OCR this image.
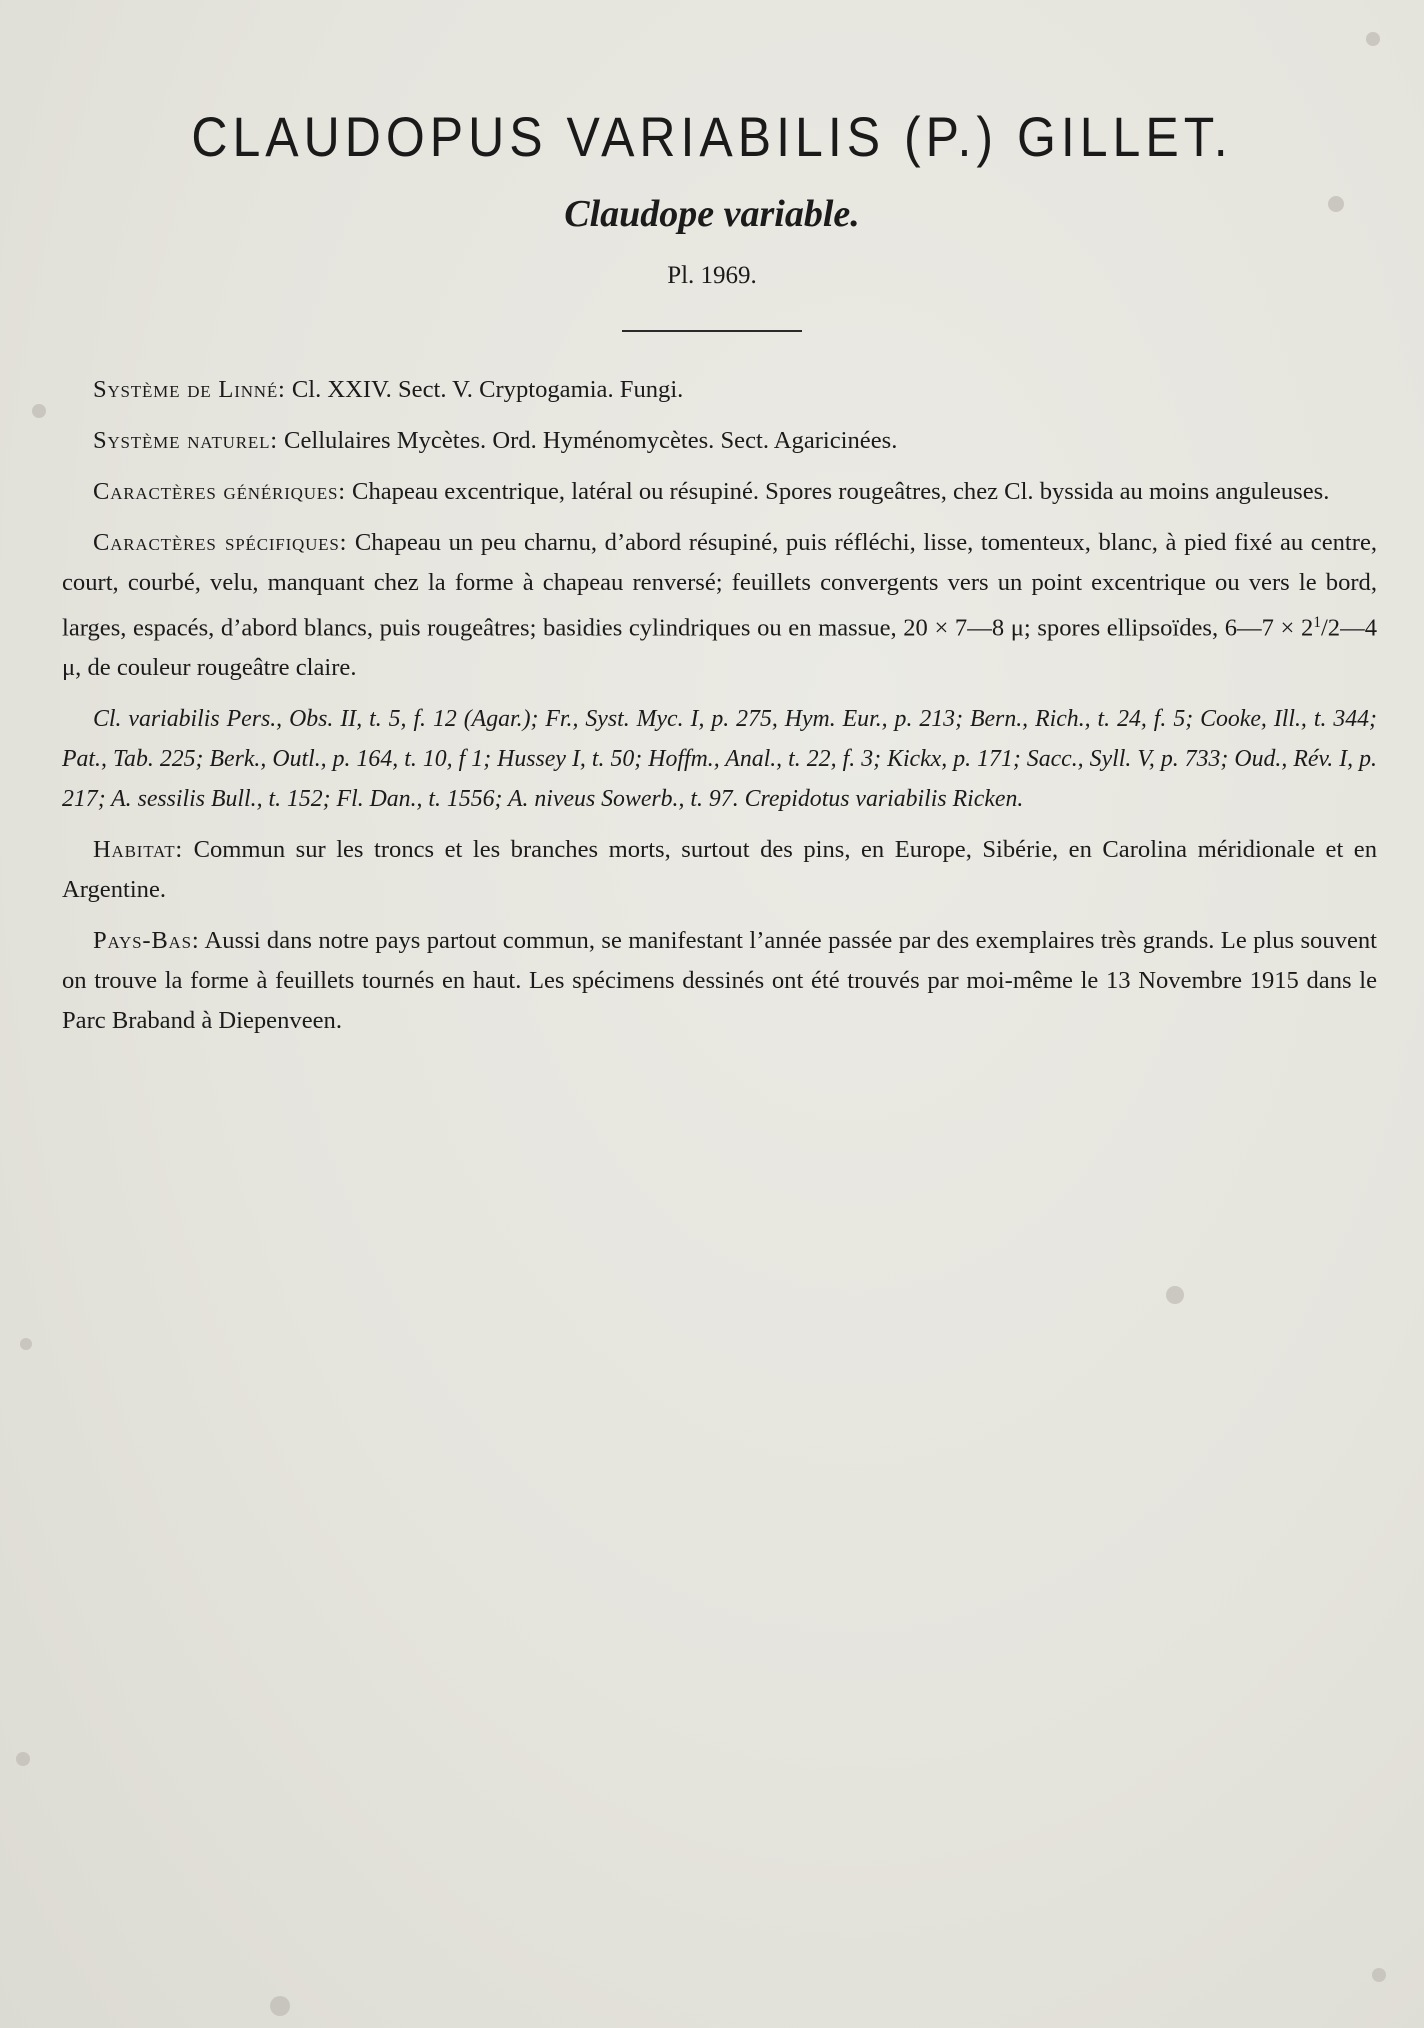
CLAUDOPUS VARIABILIS (P.) GILLET.
Claudope variable.
Pl. 1969.

Système de Linné: Cl. XXIV. Sect. V. Cryptogamia. Fungi.

Système naturel: Cellulaires Mycètes. Ord. Hyménomycètes. Sect. Agaricinées.

Caractères génériques: Chapeau excentrique, latéral ou résupiné. Spores rougeâtres, chez Cl. byssida au moins anguleuses.

Caractères spécifiques: Chapeau un peu charnu, d’abord résupiné, puis réfléchi, lisse, tomenteux, blanc, à pied fixé au centre, court, courbé, velu, manquant chez la forme à chapeau renversé; feuillets convergents vers un point excentrique ou vers le bord, larges, espacés, d’abord blancs, puis rougeâtres; basidies cylindriques ou en massue, 20 × 7—8 μ; spores ellipsoïdes, 6—7 × $2^1/2—4$ μ, de couleur rougeâtre claire.

Cl. variabilis Pers., Obs. II, t. 5, f. 12 (Agar.); Fr., Syst. Myc. I, p. 275, Hym. Eur., p. 213; Bern., Rich., t. 24, f. 5; Cooke, Ill., t. 344; Pat., Tab. 225; Berk., Outl., p. 164, t. 10, f 1; Hussey I, t. 50; Hoffm., Anal., t. 22, f. 3; Kickx, p. 171; Sacc., Syll. V, p. 733; Oud., Rév. I, p. 217; A. sessilis Bull., t. 152; Fl. Dan., t. 1556; A. niveus Sowerb., t. 97. Crepidotus variabilis Ricken.

Habitat: Commun sur les troncs et les branches morts, surtout des pins, en Europe, Sibérie, en Carolina méridionale et en Argentine.

Pays-Bas: Aussi dans notre pays partout commun, se manifestant l’année passée par des exemplaires très grands. Le plus souvent on trouve la forme à feuillets tournés en haut. Les spécimens dessinés ont été trouvés par moi-même le 13 Novembre 1915 dans le Parc Braband à Diepenveen.
